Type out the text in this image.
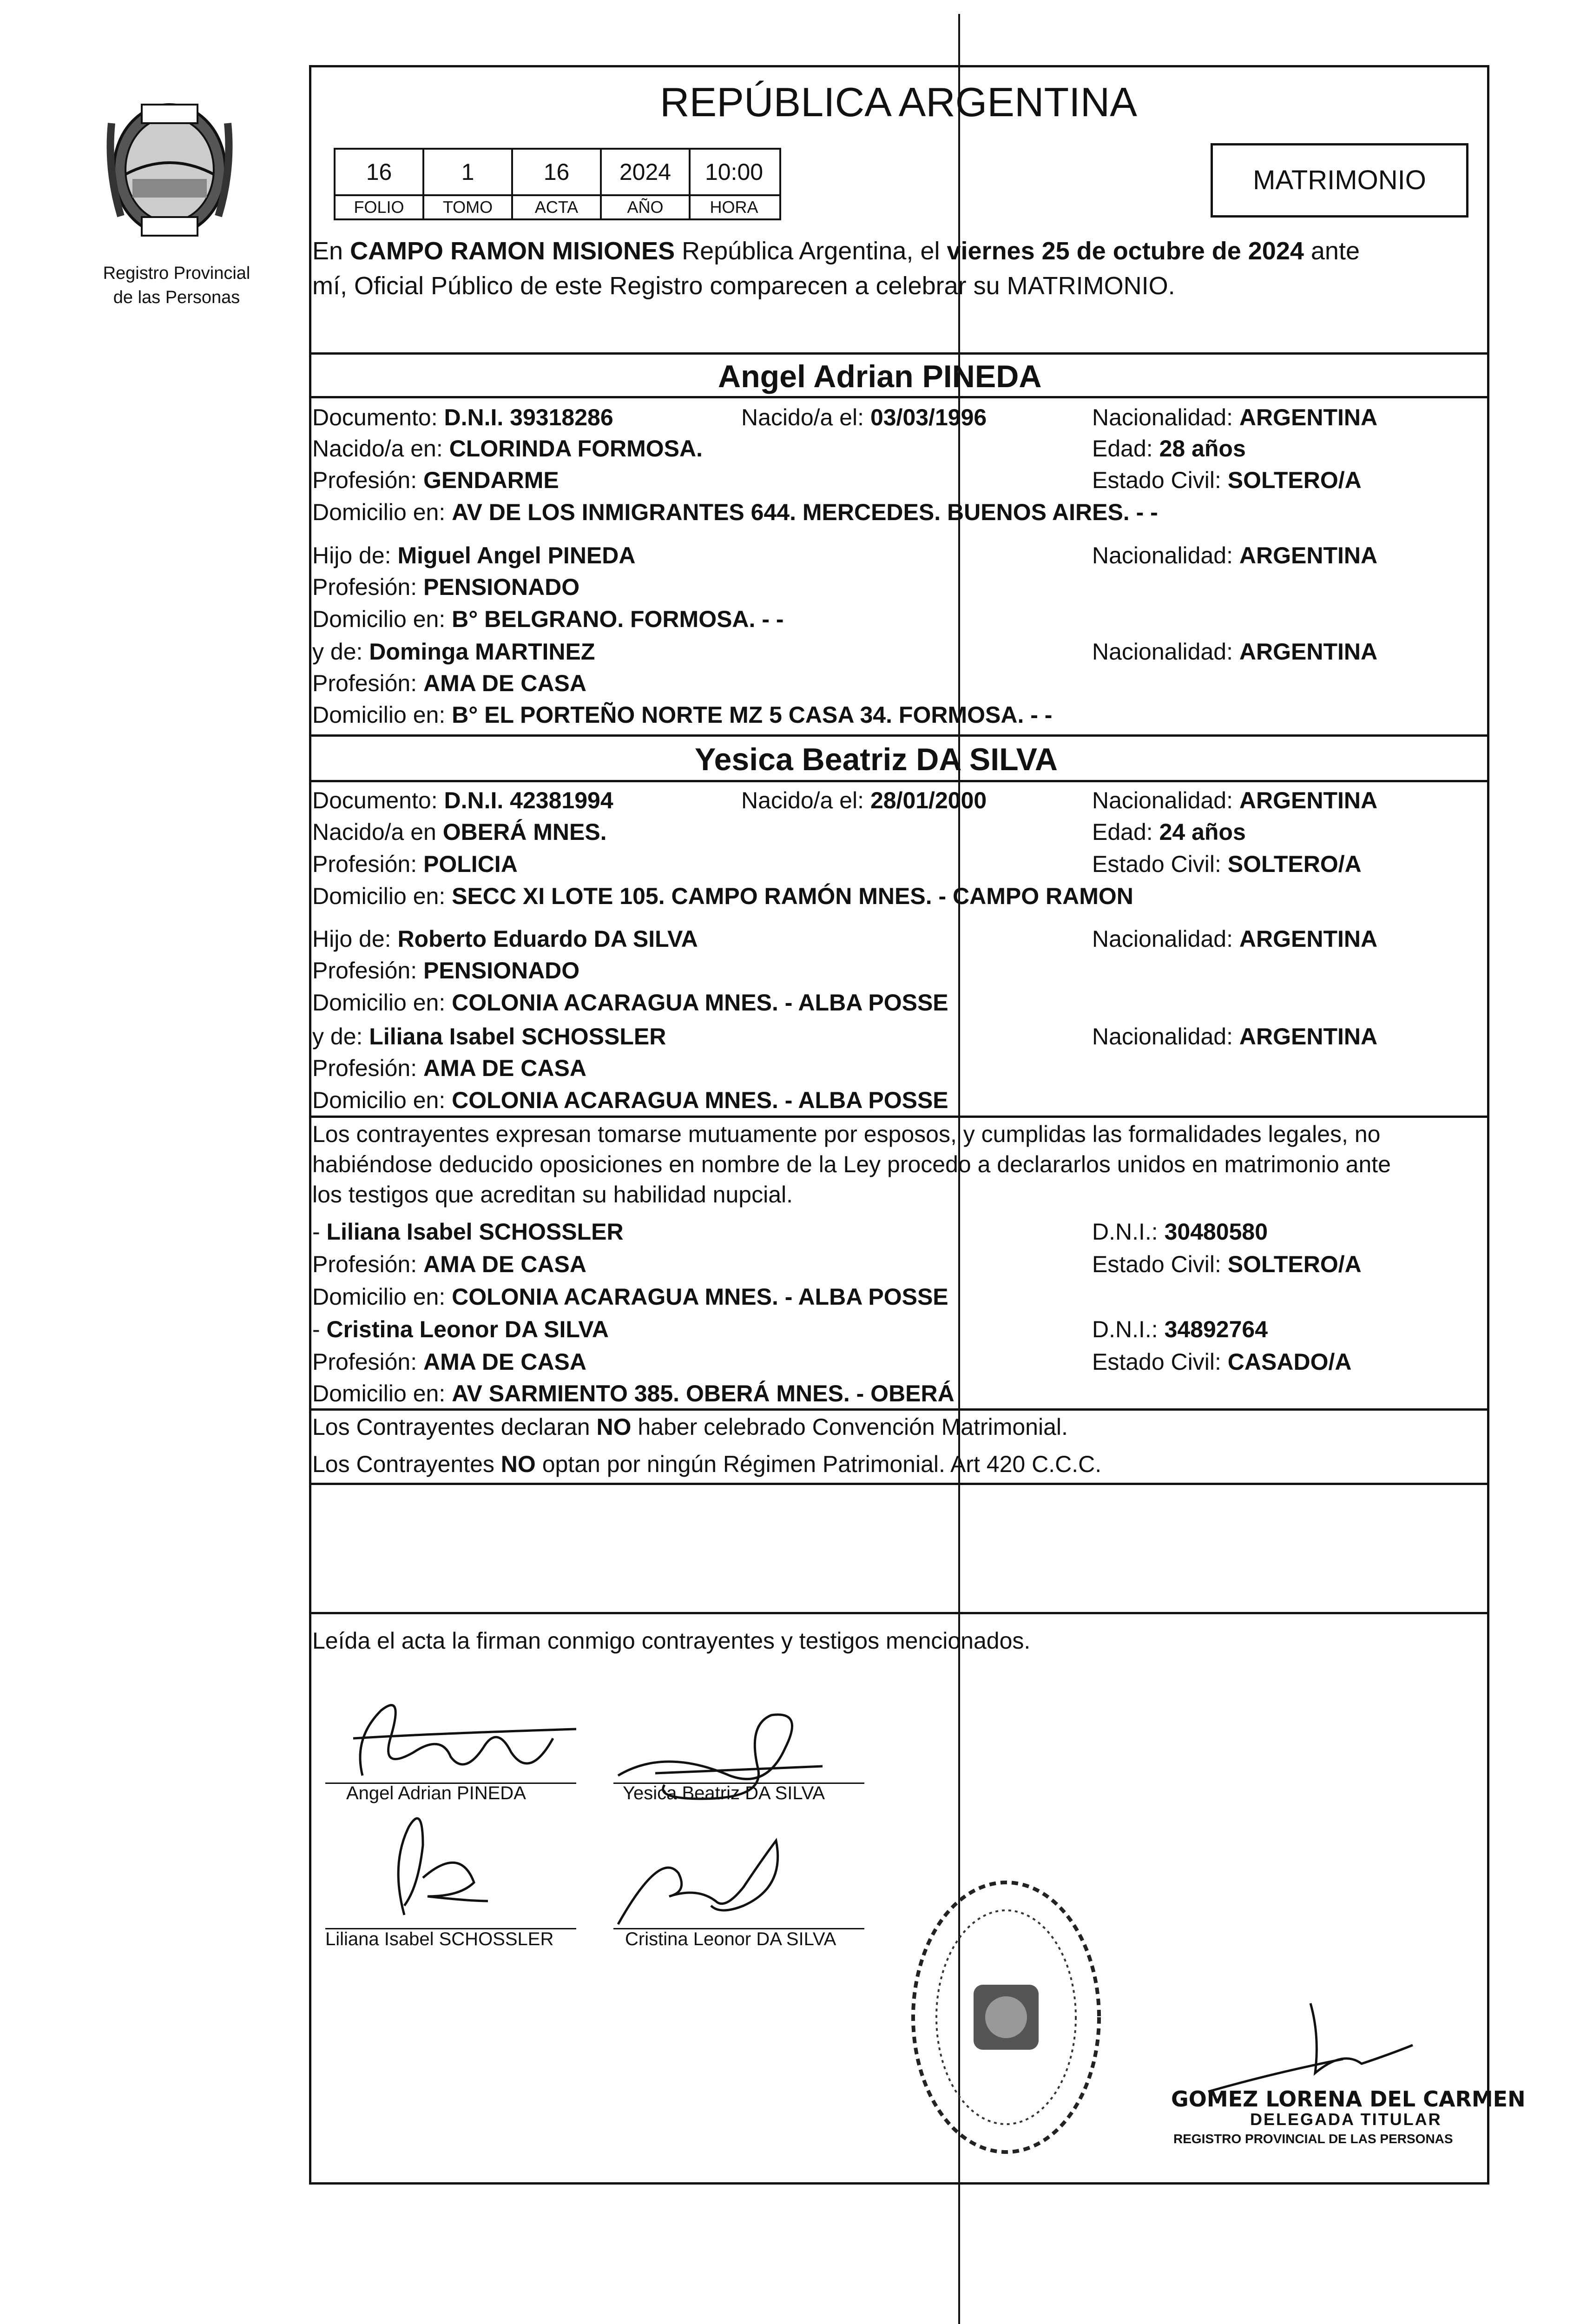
Registro Provincial
de las Personas
REPÚBLICA ARGENTINA
16	1	16	2024	10:00
FOLIO	TOMO	ACTA	AÑO	HORA
MATRIMONIO
En CAMPO RAMON MISIONES República Argentina, el viernes 25 de octubre de 2024 ante
mí, Oficial Público de este Registro comparecen a celebrar su MATRIMONIO.
Angel Adrian PINEDA
Documento: D.N.I. 39318286	Nacido/a el: 03/03/1996	Nacionalidad: ARGENTINA
Nacido/a en: CLORINDA FORMOSA.	Edad: 28 años
Profesión: GENDARME	Estado Civil: SOLTERO/A
Domicilio en: AV DE LOS INMIGRANTES 644. MERCEDES. BUENOS AIRES. - -
Hijo de: Miguel Angel PINEDA	Nacionalidad: ARGENTINA
Profesión: PENSIONADO
Domicilio en: B° BELGRANO. FORMOSA. - -
y de: Dominga MARTINEZ	Nacionalidad: ARGENTINA
Profesión: AMA DE CASA
Domicilio en: B° EL PORTEÑO NORTE MZ 5 CASA 34. FORMOSA. - -
Yesica Beatriz DA SILVA
Documento: D.N.I. 42381994	Nacido/a el: 28/01/2000	Nacionalidad: ARGENTINA
Nacido/a en OBERÁ MNES.	Edad: 24 años
Profesión: POLICIA	Estado Civil: SOLTERO/A
Domicilio en: SECC XI LOTE 105. CAMPO RAMÓN MNES. - CAMPO RAMON
Hijo de: Roberto Eduardo DA SILVA	Nacionalidad: ARGENTINA
Profesión: PENSIONADO
Domicilio en: COLONIA ACARAGUA MNES. - ALBA POSSE
y de: Liliana Isabel SCHOSSLER	Nacionalidad: ARGENTINA
Profesión: AMA DE CASA
Domicilio en: COLONIA ACARAGUA MNES. - ALBA POSSE
Los contrayentes expresan tomarse mutuamente por esposos, y cumplidas las formalidades legales, no
habiéndose deducido oposiciones en nombre de la Ley procedo a declararlos unidos en matrimonio ante
los testigos que acreditan su habilidad nupcial.
- Liliana Isabel SCHOSSLER	D.N.I.: 30480580
Profesión: AMA DE CASA	Estado Civil: SOLTERO/A
Domicilio en: COLONIA ACARAGUA MNES. - ALBA POSSE
- Cristina Leonor DA SILVA	D.N.I.: 34892764
Profesión: AMA DE CASA	Estado Civil: CASADO/A
Domicilio en: AV SARMIENTO 385. OBERÁ MNES. - OBERÁ
Los Contrayentes declaran NO haber celebrado Convención Matrimonial.
Los Contrayentes NO optan por ningún Régimen Patrimonial. Art 420 C.C.C.
Leída el acta la firman conmigo contrayentes y testigos mencionados.
Angel Adrian PINEDA	Yesica Beatriz DA SILVA
Liliana Isabel SCHOSSLER	Cristina Leonor DA SILVA
GOMEZ LORENA DEL CARMEN
DELEGADA TITULAR
REGISTRO PROVINCIAL DE LAS PERSONAS
